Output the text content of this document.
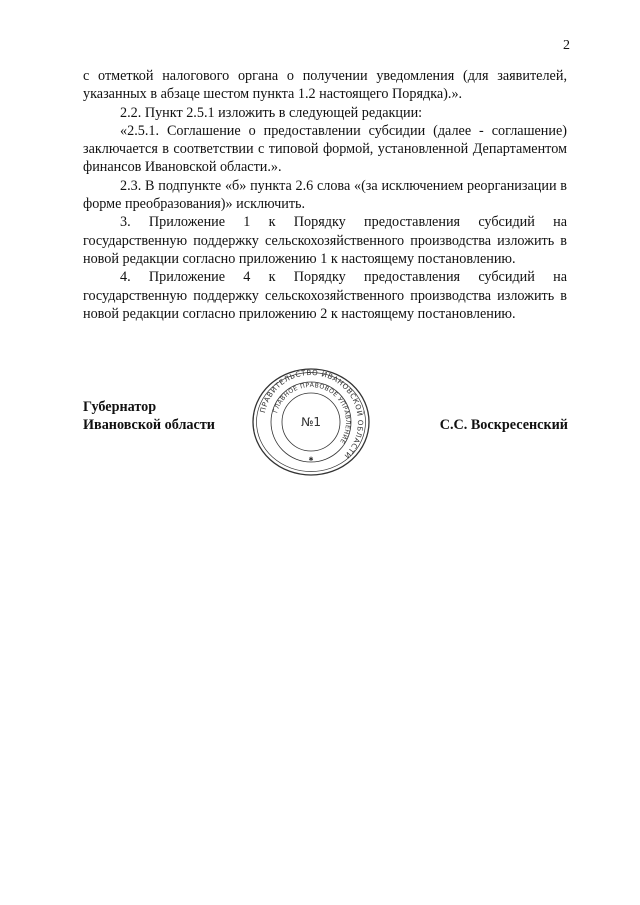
2

с отметкой налогового органа о получении уведомления (для заявителей, указанных в абзаце шестом пункта 1.2 настоящего Порядка).».

2.2. Пункт 2.5.1 изложить в следующей редакции:

«2.5.1. Соглашение о предоставлении субсидии (далее - соглашение) заключается в соответствии с типовой формой, установленной Департаментом финансов Ивановской области.».

2.3. В подпункте «б» пункта 2.6 слова «(за исключением реорганизации в форме преобразования)» исключить.

3. Приложение 1 к Порядку предоставления субсидий на государственную поддержку сельскохозяйственного производства изложить в новой редакции согласно приложению 1 к настоящему постановлению.

4. Приложение 4 к Порядку предоставления субсидий на государственную поддержку сельскохозяйственного производства изложить в новой редакции согласно приложению 2 к настоящему постановлению.

Губернатор
Ивановской области
ПРАВИТЕЛЬСТВО ИВАНОВСКОЙ ОБЛАСТИ
ГЛАВНОЕ ПРАВОВОЕ УПРАВЛЕНИЕ
№1
✱
С.С. Воскресенский
